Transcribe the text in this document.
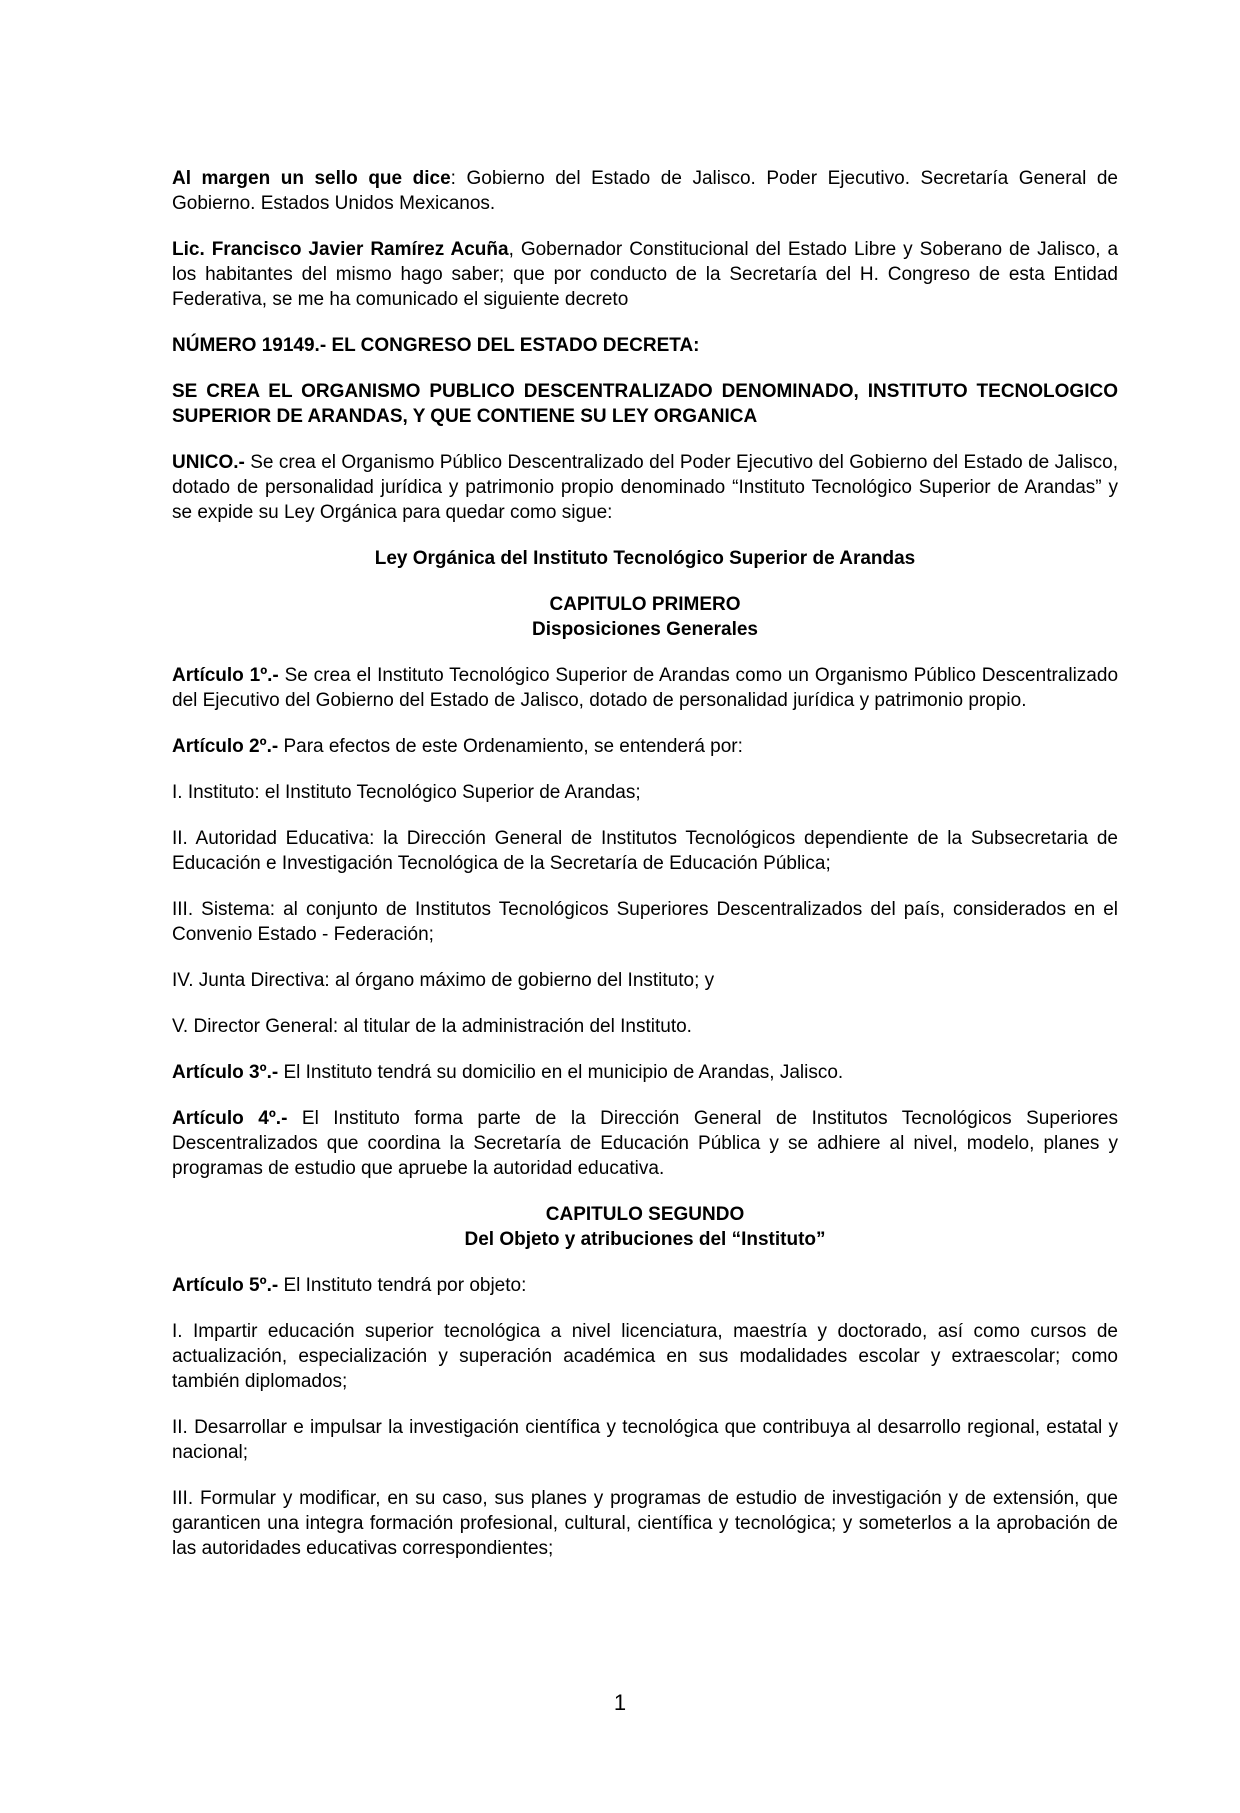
Al margen un sello que dice: Gobierno del Estado de Jalisco. Poder Ejecutivo. Secretaría General de Gobierno. Estados Unidos Mexicanos.

Lic. Francisco Javier Ramírez Acuña, Gobernador Constitucional del Estado Libre y Soberano de Jalisco, a los habitantes del mismo hago saber; que por conducto de la Secretaría del H. Congreso de esta Entidad Federativa, se me ha comunicado el siguiente decreto

NÚMERO 19149.- EL CONGRESO DEL ESTADO DECRETA:

SE CREA EL ORGANISMO PUBLICO DESCENTRALIZADO DENOMINADO, INSTITUTO TECNOLOGICO SUPERIOR DE ARANDAS, Y QUE CONTIENE SU LEY ORGANICA

UNICO.- Se crea el Organismo Público Descentralizado del Poder Ejecutivo del Gobierno del Estado de Jalisco, dotado de personalidad jurídica y patrimonio propio denominado “Instituto Tecnológico Superior de Arandas” y se expide su Ley Orgánica para quedar como sigue:

Ley Orgánica del Instituto Tecnológico Superior de Arandas

CAPITULO PRIMERO
Disposiciones Generales

Artículo 1º.- Se crea el Instituto Tecnológico Superior de Arandas como un Organismo Público Descentralizado del Ejecutivo del Gobierno del Estado de Jalisco, dotado de personalidad jurídica y patrimonio propio.

Artículo 2º.- Para efectos de este Ordenamiento, se entenderá por:

I. Instituto: el Instituto Tecnológico Superior de Arandas;

II. Autoridad Educativa: la Dirección General de Institutos Tecnológicos dependiente de la Subsecretaria de Educación e Investigación Tecnológica de la Secretaría de Educación Pública;

III. Sistema: al conjunto de Institutos Tecnológicos Superiores Descentralizados del país, considerados en el Convenio Estado - Federación;

IV. Junta Directiva: al órgano máximo de gobierno del Instituto; y

V. Director General: al titular de la administración del Instituto.

Artículo 3º.- El Instituto tendrá su domicilio en el municipio de Arandas, Jalisco.

Artículo 4º.- El Instituto forma parte de la Dirección General de Institutos Tecnológicos Superiores Descentralizados que coordina la Secretaría de Educación Pública y se adhiere al nivel, modelo, planes y programas de estudio que apruebe la autoridad educativa.

CAPITULO SEGUNDO
Del Objeto y atribuciones del “Instituto”

Artículo 5º.- El Instituto tendrá por objeto:

I. Impartir educación superior tecnológica a nivel licenciatura, maestría y doctorado, así como cursos de actualización, especialización y superación académica en sus modalidades escolar y extraescolar; como también diplomados;

II. Desarrollar e impulsar la investigación científica y tecnológica que contribuya al desarrollo regional, estatal y nacional;

III. Formular y modificar, en su caso, sus planes y programas de estudio de investigación y de extensión, que garanticen una integra formación profesional, cultural, científica y tecnológica; y someterlos a la aprobación de las autoridades educativas correspondientes;

1
